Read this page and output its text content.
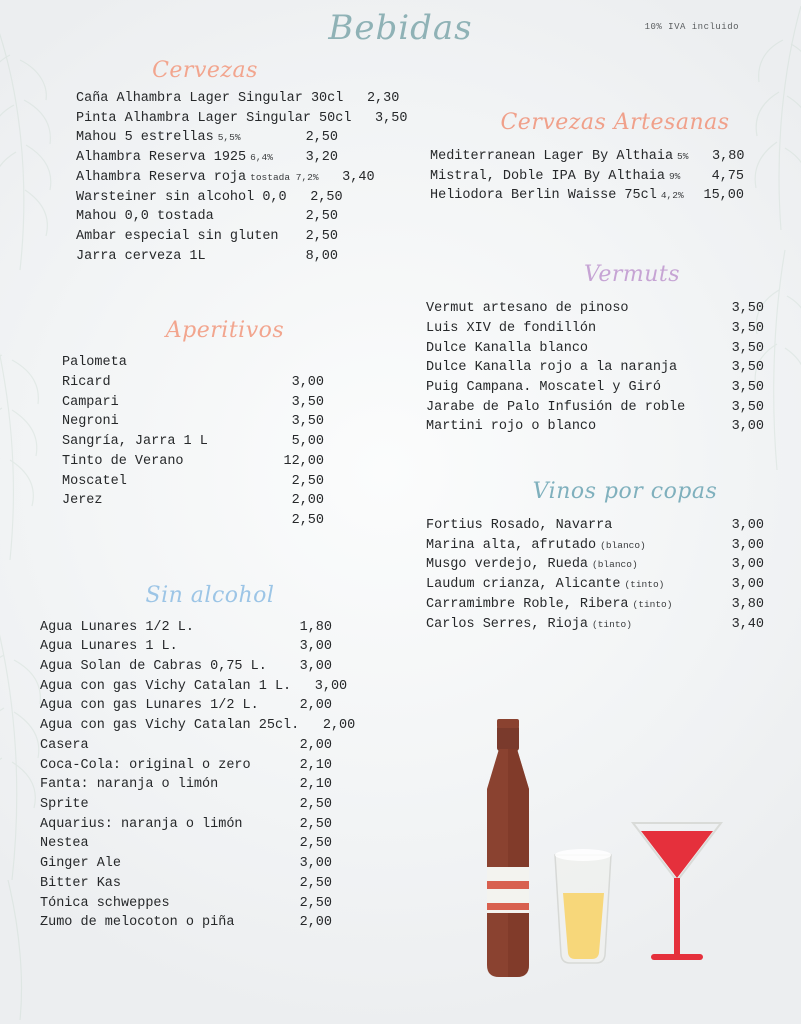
Bebidas	10% IVA incluido
Cervezas
Caña Alhambra Lager Singular 30cl	2,30
Pinta Alhambra Lager Singular 50cl	3,50
Mahou 5 estrellas 5,5%	2,50
Alhambra Reserva 1925 6,4%	3,20
Alhambra Reserva roja tostada 7,2%	3,40
Warsteiner sin alcohol 0,0	2,50
Mahou 0,0 tostada	2,50
Ambar especial sin gluten	2,50
Jarra cerveza 1L	8,00
Aperitivos
Palometa
Ricard	3,00
Campari	3,50
Negroni	3,50
Sangría, Jarra 1 L	5,00
Tinto de Verano	12,00
Moscatel	2,50
Jerez	2,00
2,50
Sin alcohol
Agua Lunares 1/2 L.	1,80
Agua Lunares 1 L.	3,00
Agua Solan de Cabras 0,75 L.	3,00
Agua con gas Vichy Catalan 1 L.	3,00
Agua con gas Lunares 1/2 L.	2,00
Agua con gas Vichy Catalan 25cl.	2,00
Casera	2,00
Coca-Cola: original o zero	2,10
Fanta: naranja o limón	2,10
Sprite	2,50
Aquarius: naranja o limón	2,50
Nestea	2,50
Ginger Ale	3,00
Bitter Kas	2,50
Tónica schweppes	2,50
Zumo de melocoton o piña	2,00
Cervezas Artesanas
Mediterranean Lager By Althaia 5%	3,80
Mistral, Doble IPA By Althaia 9%	4,75
Heliodora Berlin Waisse 75cl 4,2%	15,00
Vermuts
Vermut artesano de pinoso	3,50
Luis XIV de fondillón	3,50
Dulce Kanalla blanco	3,50
Dulce Kanalla rojo a la naranja	3,50
Puig Campana. Moscatel y Giró	3,50
Jarabe de Palo Infusión de roble	3,50
Martini rojo o blanco	3,00
Vinos por copas
Fortius Rosado, Navarra	3,00
Marina alta, afrutado (blanco)	3,00
Musgo verdejo, Rueda (blanco)	3,00
Laudum crianza, Alicante (tinto)	3,00
Carramimbre Roble, Ribera (tinto)	3,80
Carlos Serres, Rioja (tinto)	3,40
